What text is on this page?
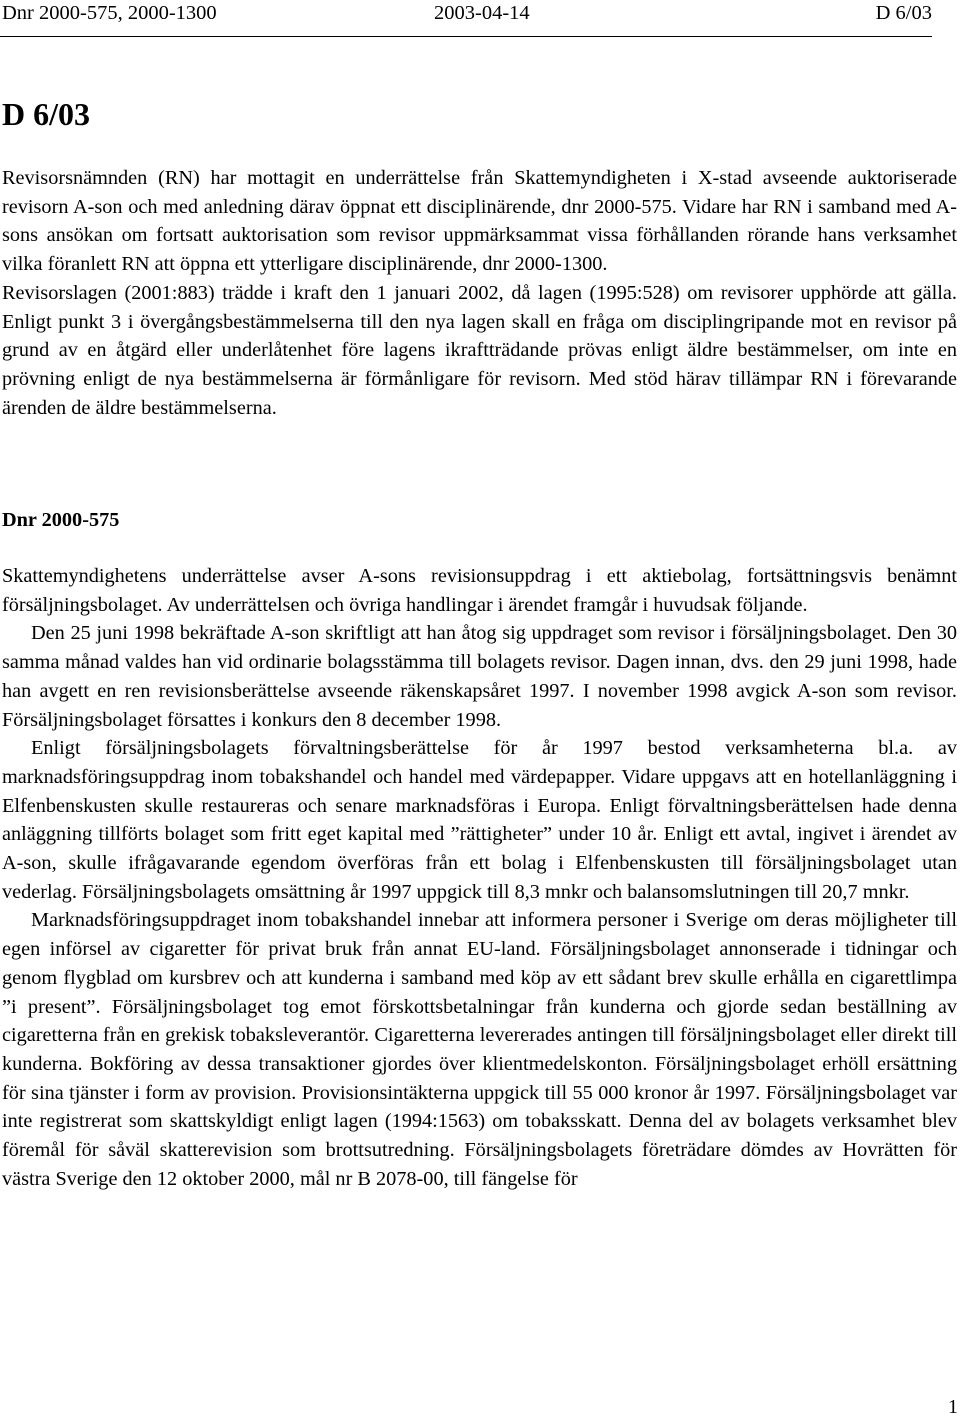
Dnr 2000-575, 2000-1300	2003-04-14	D 6/03
D 6/03

Revisorsnämnden (RN) har mottagit en underrättelse från Skattemyndigheten i X-stad avseende auktoriserade revisorn A-son och med anledning därav öppnat ett disciplinärende, dnr 2000-575. Vidare har RN i samband med A-sons ansökan om fortsatt auktorisation som revisor uppmärksammat vissa förhållanden rörande hans verksamhet vilka föranlett RN att öppna ett ytterligare disciplinärende, dnr 2000-1300.

Revisorslagen (2001:883) trädde i kraft den 1 januari 2002, då lagen (1995:528) om revisorer upphörde att gälla. Enligt punkt 3 i övergångsbestämmelserna till den nya lagen skall en fråga om disciplingripande mot en revisor på grund av en åtgärd eller underlåtenhet före lagens ikraftträdande prövas enligt äldre bestämmelser, om inte en prövning enligt de nya bestämmelserna är förmånligare för revisorn. Med stöd härav tillämpar RN i förevarande ärenden de äldre bestämmelserna.

Dnr 2000-575

Skattemyndighetens underrättelse avser A-sons revisionsuppdrag i ett aktiebolag, fortsättningsvis benämnt försäljningsbolaget. Av underrättelsen och övriga handlingar i ärendet framgår i huvudsak följande.

Den 25 juni 1998 bekräftade A-son skriftligt att han åtog sig uppdraget som revisor i försäljningsbolaget. Den 30 samma månad valdes han vid ordinarie bolagsstämma till bolagets revisor. Dagen innan, dvs. den 29 juni 1998, hade han avgett en ren revisionsberättelse avseende räkenskapsåret 1997. I november 1998 avgick A-son som revisor. Försäljningsbolaget försattes i konkurs den 8 december 1998.

Enligt försäljningsbolagets förvaltningsberättelse för år 1997 bestod verksamheterna bl.a. av marknadsföringsuppdrag inom tobakshandel och handel med värdepapper. Vidare uppgavs att en hotellanläggning i Elfenbenskusten skulle restaureras och senare marknadsföras i Europa. Enligt förvaltningsberättelsen hade denna anläggning tillförts bolaget som fritt eget kapital med ”rättigheter” under 10 år. Enligt ett avtal, ingivet i ärendet av A-son, skulle ifrågavarande egendom överföras från ett bolag i Elfenbenskusten till försäljningsbolaget utan vederlag. Försäljningsbolagets omsättning år 1997 uppgick till 8,3 mnkr och balansomslutningen till 20,7 mnkr.

Marknadsföringsuppdraget inom tobakshandel innebar att informera personer i Sverige om deras möjligheter till egen införsel av cigaretter för privat bruk från annat EU-land. Försäljningsbolaget annonserade i tidningar och genom flygblad om kursbrev och att kunderna i samband med köp av ett sådant brev skulle erhålla en cigarettlimpa ”i present”. Försäljningsbolaget tog emot förskottsbetalningar från kunderna och gjorde sedan beställning av cigaretterna från en grekisk tobaksleverantör. Cigaretterna levererades antingen till försäljningsbolaget eller direkt till kunderna. Bokföring av dessa transaktioner gjordes över klientmedelskonton. Försäljningsbolaget erhöll ersättning för sina tjänster i form av provision. Provisionsintäkterna uppgick till 55 000 kronor år 1997. Försäljningsbolaget var inte registrerat som skattskyldigt enligt lagen (1994:1563) om tobaksskatt. Denna del av bolagets verksamhet blev föremål för såväl skatterevision som brottsutredning. Försäljningsbolagets företrädare dömdes av Hovrätten för västra Sverige den 12 oktober 2000, mål nr B 2078-00, till fängelse för

1
